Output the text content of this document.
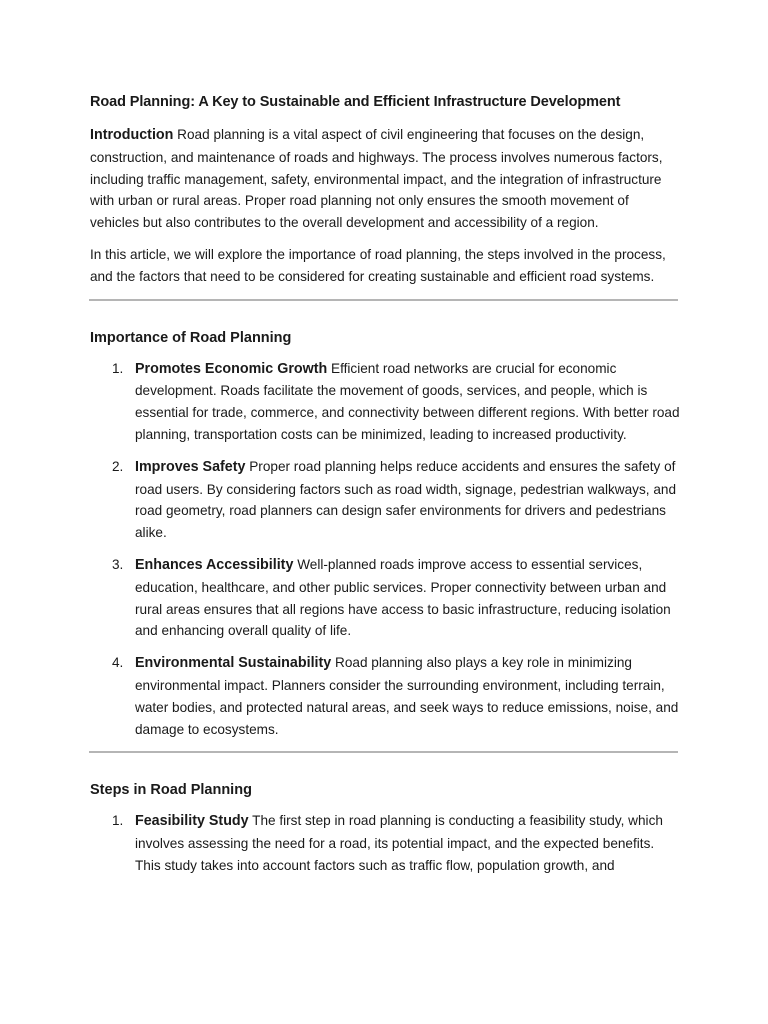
Road Planning: A Key to Sustainable and Efficient Infrastructure Development

Introduction Road planning is a vital aspect of civil engineering that focuses on the design, construction, and maintenance of roads and highways. The process involves numerous factors, including traffic management, safety, environmental impact, and the integration of infrastructure with urban or rural areas. Proper road planning not only ensures the smooth movement of vehicles but also contributes to the overall development and accessibility of a region.

In this article, we will explore the importance of road planning, the steps involved in the process, and the factors that need to be considered for creating sustainable and efficient road systems.

Importance of Road Planning
1. Promotes Economic Growth Efficient road networks are crucial for economic development. Roads facilitate the movement of goods, services, and people, which is essential for trade, commerce, and connectivity between different regions. With better road planning, transportation costs can be minimized, leading to increased productivity.
2. Improves Safety Proper road planning helps reduce accidents and ensures the safety of road users. By considering factors such as road width, signage, pedestrian walkways, and road geometry, road planners can design safer environments for drivers and pedestrians alike.
3. Enhances Accessibility Well-planned roads improve access to essential services, education, healthcare, and other public services. Proper connectivity between urban and rural areas ensures that all regions have access to basic infrastructure, reducing isolation and enhancing overall quality of life.
4. Environmental Sustainability Road planning also plays a key role in minimizing environmental impact. Planners consider the surrounding environment, including terrain, water bodies, and protected natural areas, and seek ways to reduce emissions, noise, and damage to ecosystems.
Steps in Road Planning
1. Feasibility Study The first step in road planning is conducting a feasibility study, which involves assessing the need for a road, its potential impact, and the expected benefits. This study takes into account factors such as traffic flow, population growth, and
